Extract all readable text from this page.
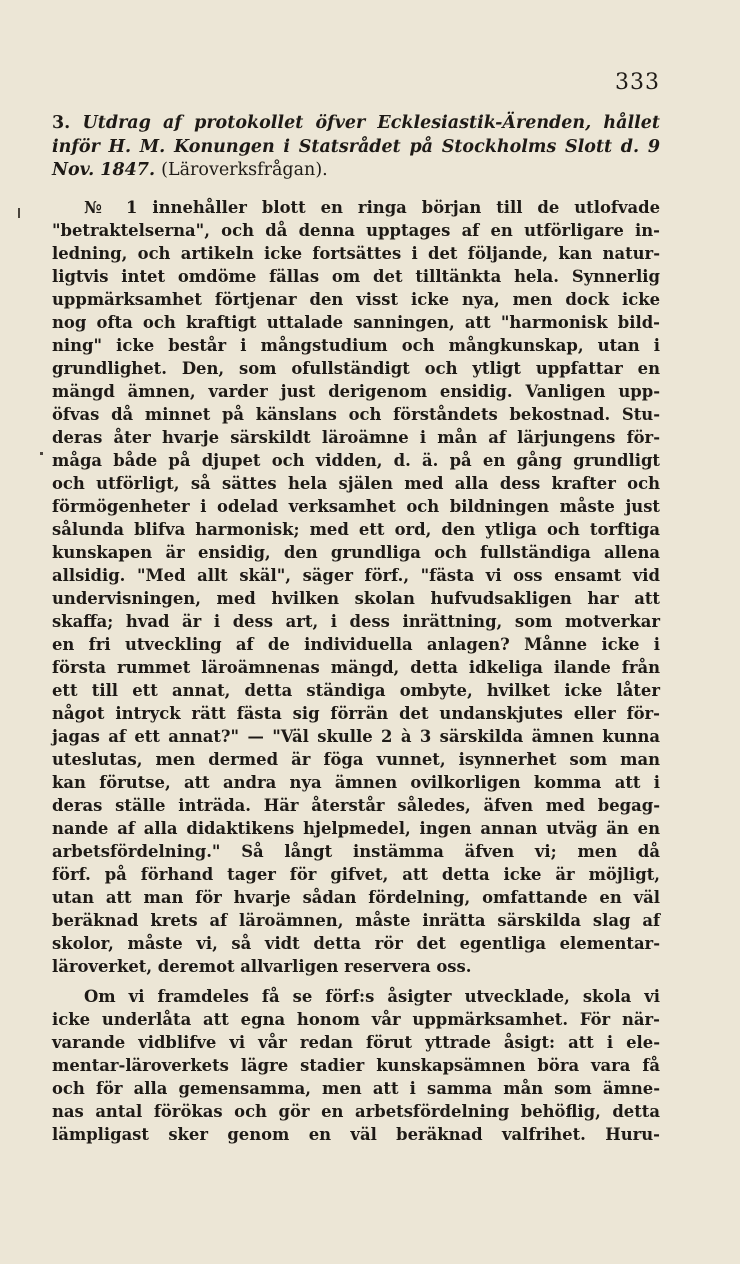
333
3. Utdrag af protokollet öfver Ecklesiastik-Ärenden, hållet
inför H. M. Konungen i Statsrådet på Stockholms Slott d. 9
Nov. 1847. (Läroverksfrågan).
№ 1 innehåller blott en ringa början till de utlofvade
"betraktelserna", och då denna upptages af en utförligare in-
ledning, och artikeln icke fortsättes i det följande, kan natur-
ligtvis intet omdöme fällas om det tilltänkta hela. Synnerlig
uppmärksamhet förtjenar den visst icke nya, men dock icke
nog ofta och kraftigt uttalade sanningen, att "harmonisk bild-
ning" icke består i mångstudium och mångkunskap, utan i
grundlighet. Den, som ofullständigt och ytligt uppfattar en
mängd ämnen, varder just derigenom ensidig. Vanligen upp-
öfvas då minnet på känslans och förståndets bekostnad. Stu-
deras åter hvarje särskildt läroämne i mån af lärjungens för-
måga både på djupet och vidden, d. ä. på en gång grundligt
och utförligt, så sättes hela själen med alla dess krafter och
förmögenheter i odelad verksamhet och bildningen måste just
sålunda blifva harmonisk; med ett ord, den ytliga och torftiga
kunskapen är ensidig, den grundliga och fullständiga allena
allsidig. "Med allt skäl", säger förf., "fästa vi oss ensamt vid
undervisningen, med hvilken skolan hufvudsakligen har att
skaffa; hvad är i dess art, i dess inrättning, som motverkar
en fri utveckling af de individuella anlagen? Månne icke i
första rummet läroämnenas mängd, detta idkeliga ilande från
ett till ett annat, detta ständiga ombyte, hvilket icke låter
något intryck rätt fästa sig förrän det undanskjutes eller för-
jagas af ett annat?" — "Väl skulle 2 à 3 särskilda ämnen kunna
uteslutas, men dermed är föga vunnet, isynnerhet som man
kan förutse, att andra nya ämnen ovilkorligen komma att i
deras ställe inträda. Här återstår således, äfven med begag-
nande af alla didaktikens hjelpmedel, ingen annan utväg än en
arbetsfördelning." Så långt instämma äfven vi; men då
förf. på förhand tager för gifvet, att detta icke är möjligt,
utan att man för hvarje sådan fördelning, omfattande en väl
beräknad krets af läroämnen, måste inrätta särskilda slag af
skolor, måste vi, så vidt detta rör det egentliga elementar-
läroverket, deremot allvarligen reservera oss.
Om vi framdeles få se förf:s åsigter utvecklade, skola vi
icke underlåta att egna honom vår uppmärksamhet. För när-
varande vidblifve vi vår redan förut yttrade åsigt: att i ele-
mentar-läroverkets lägre stadier kunskapsämnen böra vara få
och för alla gemensamma, men att i samma mån som ämne-
nas antal förökas och gör en arbetsfördelning behöflig, detta
lämpligast sker genom en väl beräknad valfrihet. Huru-
